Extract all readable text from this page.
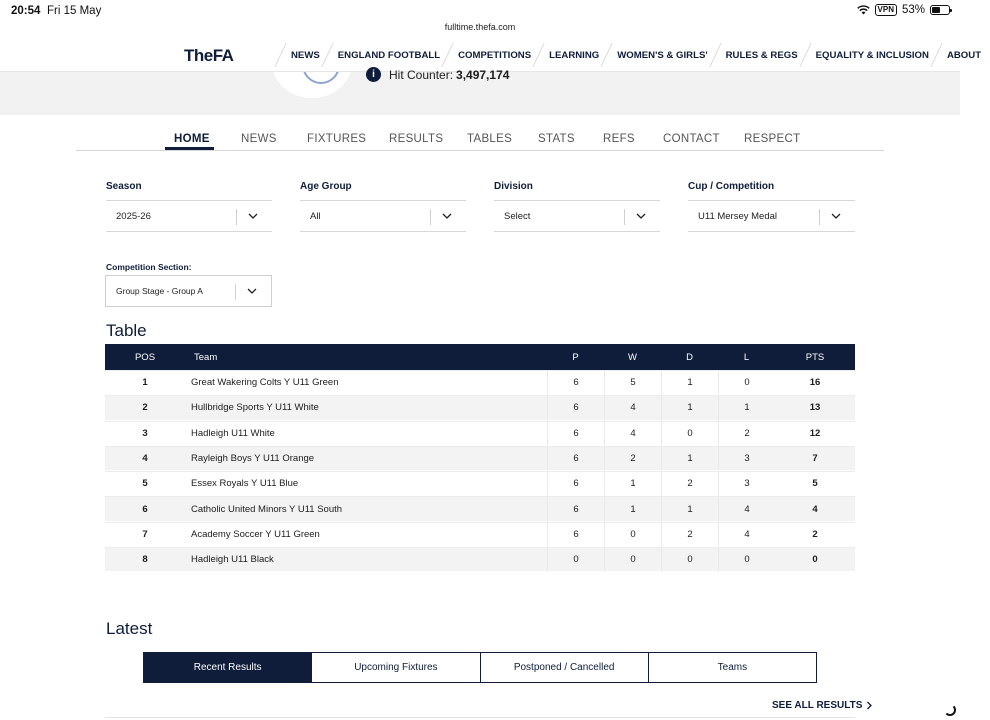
20:54 Fri 15 May	VPN 53%
TheFA	NEWS	ENGLAND FOOTBALL	COMPETITIONS	LEARNING	WOMEN'S & GIRLS'	RULES & REGS	EQUALITY & INCLUSION	ABOUT
fulltime.thefa.com
i	Hit Counter: 3,497,174
HOME	NEWS	FIXTURES RESULTS TABLES STATS REFS CONTACT RESPECT
Season
2025-26
Age Group
All
Division
Select
Cup / Competition
U11 Mersey Medal
Competition Section:
Group Stage - Group A
Table
POS	Team	P	W	D	L	PTS
1	Great Wakering Colts Y U11 Green	6	5	1	0	16
2	Hullbridge Sports Y U11 White	6	4	1	1	13
3	Hadleigh U11 White	6	4	0	2	12
4	Rayleigh Boys Y U11 Orange	6	2	1	3	7
5	Essex Royals Y U11 Blue	6	1	2	3	5
6	Catholic United Minors Y U11 South	6	1	1	4	4
7	Academy Soccer Y U11 Green	6	0	2	4	2
8	Hadleigh U11 Black	0	0	0	0	0
Latest
Recent Results	Upcoming Fixtures	Postponed / Cancelled	Teams
SEE ALL RESULTS
